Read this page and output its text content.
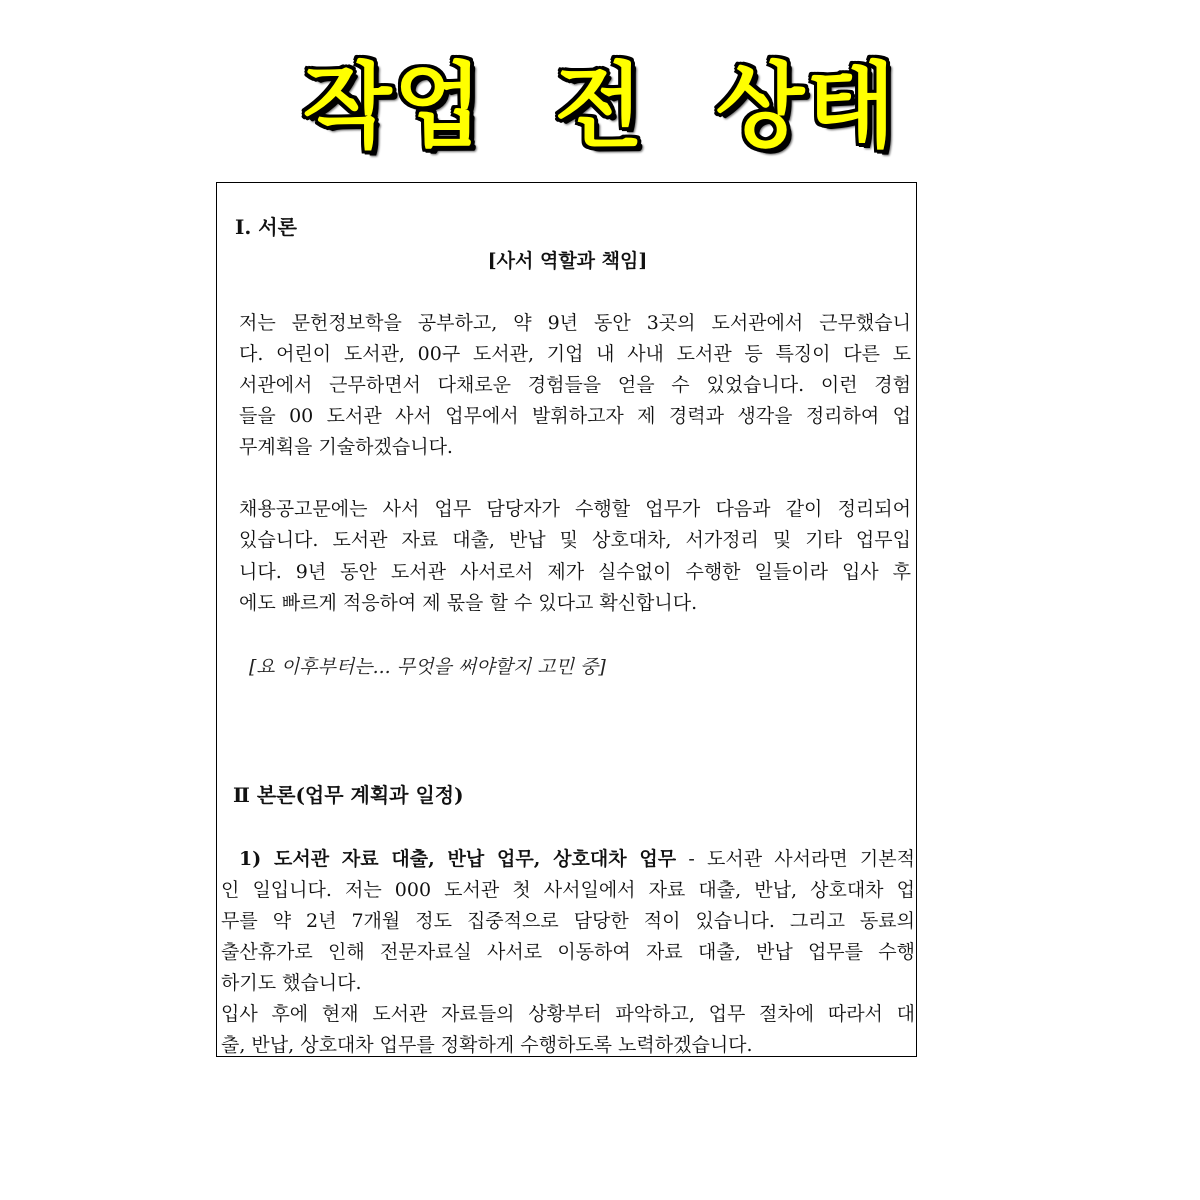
작업 전 상태
Ⅰ. 서론
[사서 역할과 책임]
저는 문헌정보학을 공부하고, 약 9년 동안 3곳의 도서관에서 근무했습니
다. 어린이 도서관, 00구 도서관, 기업 내 사내 도서관 등 특징이 다른 도
서관에서 근무하면서 다채로운 경험들을 얻을 수 있었습니다. 이런 경험
들을 00 도서관 사서 업무에서 발휘하고자 제 경력과 생각을 정리하여 업
무계획을 기술하겠습니다.
채용공고문에는 사서 업무 담당자가 수행할 업무가 다음과 같이 정리되어
있습니다. 도서관 자료 대출, 반납 및 상호대차, 서가정리 및 기타 업무입
니다. 9년 동안 도서관 사서로서 제가 실수없이 수행한 일들이라 입사 후
에도 빠르게 적응하여 제 몫을 할 수 있다고 확신합니다.
[요 이후부터는... 무엇을 써야할지 고민 중]
Ⅱ 본론(업무 계획과 일정)
1) 도서관 자료 대출, 반납 업무, 상호대차 업무 - 도서관 사서라면 기본적
인 일입니다. 저는 000 도서관 첫 사서일에서 자료 대출, 반납, 상호대차 업
무를 약 2년 7개월 정도 집중적으로 담당한 적이 있습니다. 그리고 동료의
출산휴가로 인해 전문자료실 사서로 이동하여 자료 대출, 반납 업무를 수행
하기도 했습니다.
입사 후에 현재 도서관 자료들의 상황부터 파악하고, 업무 절차에 따라서 대
출, 반납, 상호대차 업무를 정확하게 수행하도록 노력하겠습니다.
